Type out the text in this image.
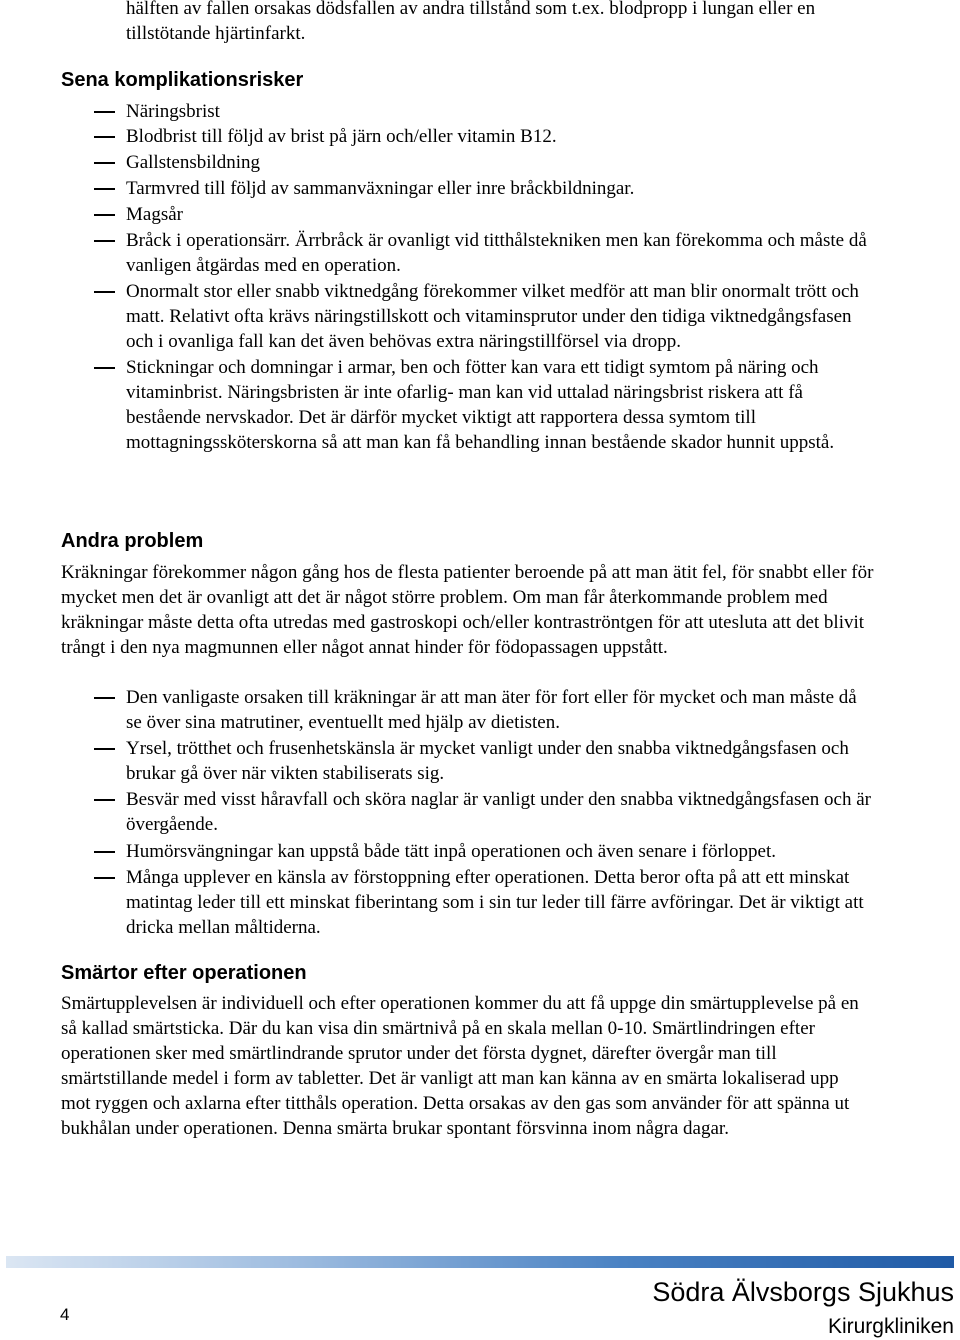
hälften av fallen orsakas dödsfallen av andra tillstånd som t.ex. blodpropp i lungan eller en tillstötande hjärtinfarkt.

Sena komplikationsrisker
Näringsbrist
Blodbrist till följd av brist på järn och/eller vitamin B12.
Gallstensbildning
Tarmvred till följd av sammanväxningar eller inre bråckbildningar.
Magsår
Bråck i operationsärr. Ärrbråck är ovanligt vid titthålstekniken men kan förekomma och måste då vanligen åtgärdas med en operation.
Onormalt stor eller snabb viktnedgång förekommer vilket medför att man blir onormalt trött och matt. Relativt ofta krävs näringstillskott och vitaminsprutor under den tidiga viktnedgångsfasen och i ovanliga fall kan det även behövas extra näringstillförsel via dropp.
Stickningar och domningar i armar, ben och fötter kan vara ett tidigt symtom på näring och vitaminbrist. Näringsbristen är inte ofarlig- man kan vid uttalad näringsbrist riskera att få bestående nervskador. Det är därför mycket viktigt att rapportera dessa symtom till mottagningssköterskorna så att man kan få behandling innan bestående skador hunnit uppstå.
Andra problem

Kräkningar förekommer någon gång hos de flesta patienter beroende på att man ätit fel, för snabbt eller för mycket men det är ovanligt att det är något större problem. Om man får återkommande problem med kräkningar måste detta ofta utredas med gastroskopi och/eller kontraströntgen för att utesluta att det blivit trångt i den nya magmunnen eller något annat hinder för födopassagen uppstått.

Den vanligaste orsaken till kräkningar är att man äter för fort eller för mycket och man måste då se över sina matrutiner, eventuellt med hjälp av dietisten.
Yrsel, trötthet och frusenhetskänsla är mycket vanligt under den snabba viktnedgångsfasen och brukar gå över när vikten stabiliserats sig.
Besvär med visst håravfall och sköra naglar är vanligt under den snabba viktnedgångsfasen och är övergående.
Humörsvängningar kan uppstå både tätt inpå operationen och även senare i förloppet.
Många upplever en känsla av förstoppning efter operationen. Detta beror ofta på att ett minskat matintag leder till ett minskat fiberintang som i sin tur leder till färre avföringar. Det är viktigt att dricka mellan måltiderna.
Smärtor efter operationen

Smärtupplevelsen är individuell och efter operationen kommer du att få uppge din smärtupplevelse på en så kallad smärtsticka. Där du kan visa din smärtnivå på en skala mellan 0-10. Smärtlindringen efter operationen sker med smärtlindrande sprutor under det första dygnet, därefter övergår man till smärtstillande medel i form av tabletter. Det är vanligt att man kan känna av en smärta lokaliserad upp mot ryggen och axlarna efter titthåls operation. Detta orsakas av den gas som använder för att spänna ut bukhålan under operationen. Denna smärta brukar spontant försvinna inom några dagar.

4
Södra Älvsborgs Sjukhus
Kirurgkliniken
